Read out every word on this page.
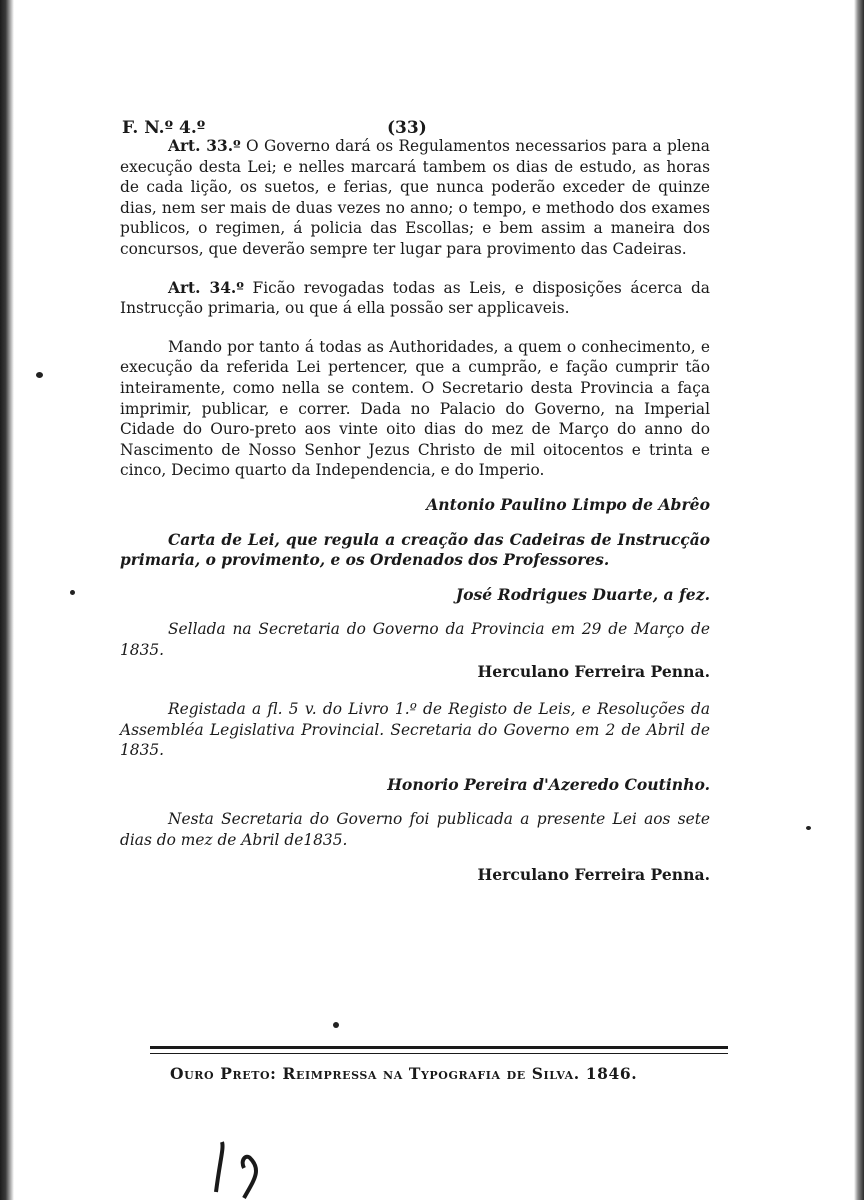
F. N.º 4.º	(33)

Art. 33.º O Governo dará os Regulamentos necessarios para a plena execução desta Lei; e nelles marcará tambem os dias de estudo, as horas de cada lição, os suetos, e ferias, que nunca poderão exceder de quinze dias, nem ser mais de duas vezes no anno; o tempo, e methodo dos exames publicos, o regimen, á policia das Escollas; e bem assim a maneira dos concursos, que deverão sempre ter lugar para provimento das Cadeiras.

Art. 34.º Ficão revogadas todas as Leis, e disposições ácerca da Instrucção primaria, ou que á ella possão ser applicaveis.

Mando por tanto á todas as Authoridades, a quem o conhecimento, e execução da referida Lei pertencer, que a cumprão, e fação cumprir tão inteiramente, como nella se contem. O Secretario desta Provincia a faça imprimir, publicar, e correr. Dada no Palacio do Governo, na Imperial Cidade do Ouro-preto aos vinte oito dias do mez de Março do anno do Nascimento de Nosso Senhor Jezus Christo de mil oitocentos e trinta e cinco, Decimo quarto da Independencia, e do Imperio.

Antonio Paulino Limpo de Abrêo

Carta de Lei, que regula a creação das Cadeiras de Instrucção primaria, o provimento, e os Ordenados dos Professores.

José Rodrigues Duarte, a fez.

Sellada na Secretaria do Governo da Provincia em 29 de Março de 1835.

Herculano Ferreira Penna.

Registada a fl. 5 v. do Livro 1.º de Registo de Leis, e Resoluções da Assembléa Legislativa Provincial. Secretaria do Governo em 2 de Abril de 1835.

Honorio Pereira d'Azeredo Coutinho.

Nesta Secretaria do Governo foi publicada a presente Lei aos sete dias do mez de Abril de1835.

Herculano Ferreira Penna.

Ouro Preto: Reimpressa na Typografia de Silva. 1846.
